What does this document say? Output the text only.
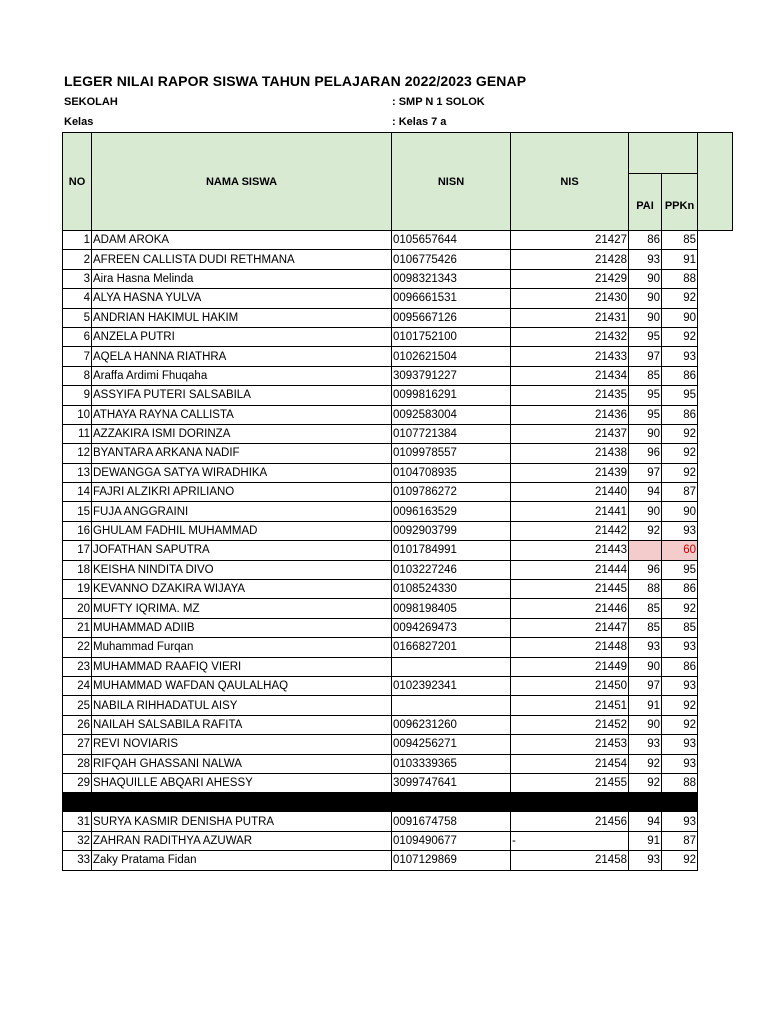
LEGER NILAI RAPOR SISWA TAHUN PELAJARAN 2022/2023 GENAP
SEKOLAH	: SMP N 1 SOLOK
Kelas	: Kelas 7 a
NO	NAMA SISWA	NISN	NIS			
				PAI	PPKn	
1	ADAM AROKA	0105657644	21427	86	85	
2	AFREEN CALLISTA DUDI RETHMANA	0106775426	21428	93	91	
3	Aira Hasna Melinda	0098321343	21429	90	88	
4	ALYA HASNA YULVA	0096661531	21430	90	92	
5	ANDRIAN HAKIMUL HAKIM	0095667126	21431	90	90	
6	ANZELA PUTRI	0101752100	21432	95	92	
7	AQELA HANNA RIATHRA	0102621504	21433	97	93	
8	Araffa Ardimi Fhuqaha	3093791227	21434	85	86	
9	ASSYIFA PUTERI SALSABILA	0099816291	21435	95	95	
10	ATHAYA RAYNA CALLISTA	0092583004	21436	95	86	
11	AZZAKIRA ISMI DORINZA	0107721384	21437	90	92	
12	BYANTARA ARKANA NADIF	0109978557	21438	96	92	
13	DEWANGGA SATYA WIRADHIKA	0104708935	21439	97	92	
14	FAJRI ALZIKRI APRILIANO	0109786272	21440	94	87	
15	FUJA ANGGRAINI	0096163529	21441	90	90	
16	GHULAM FADHIL MUHAMMAD	0092903799	21442	92	93	
17	JOFATHAN SAPUTRA	0101784991	21443		60	
18	KEISHA NINDITA DIVO	0103227246	21444	96	95	
19	KEVANNO DZAKIRA WIJAYA	0108524330	21445	88	86	
20	MUFTY IQRIMA. MZ	0098198405	21446	85	92	
21	MUHAMMAD ADIIB	0094269473	21447	85	85	
22	Muhammad Furqan	0166827201	21448	93	93	
23	MUHAMMAD RAAFIQ VIERI		21449	90	86	
24	MUHAMMAD WAFDAN QAULALHAQ	0102392341	21450	97	93	
25	NABILA RIHHADATUL AISY		21451	91	92	
26	NAILAH SALSABILA RAFITA	0096231260	21452	90	92	
27	REVI NOVIARIS	0094256271	21453	93	93	
28	RIFQAH GHASSANI NALWA	0103339365	21454	92	93	
29	SHAQUILLE ABQARI AHESSY	3099747641	21455	92	88	

31	SURYA KASMIR DENISHA PUTRA	0091674758	21456	94	93	
32	ZAHRAN RADITHYA AZUWAR	0109490677	-	91	87	
33	Zaky Pratama Fidan	0107129869	21458	93	92	
